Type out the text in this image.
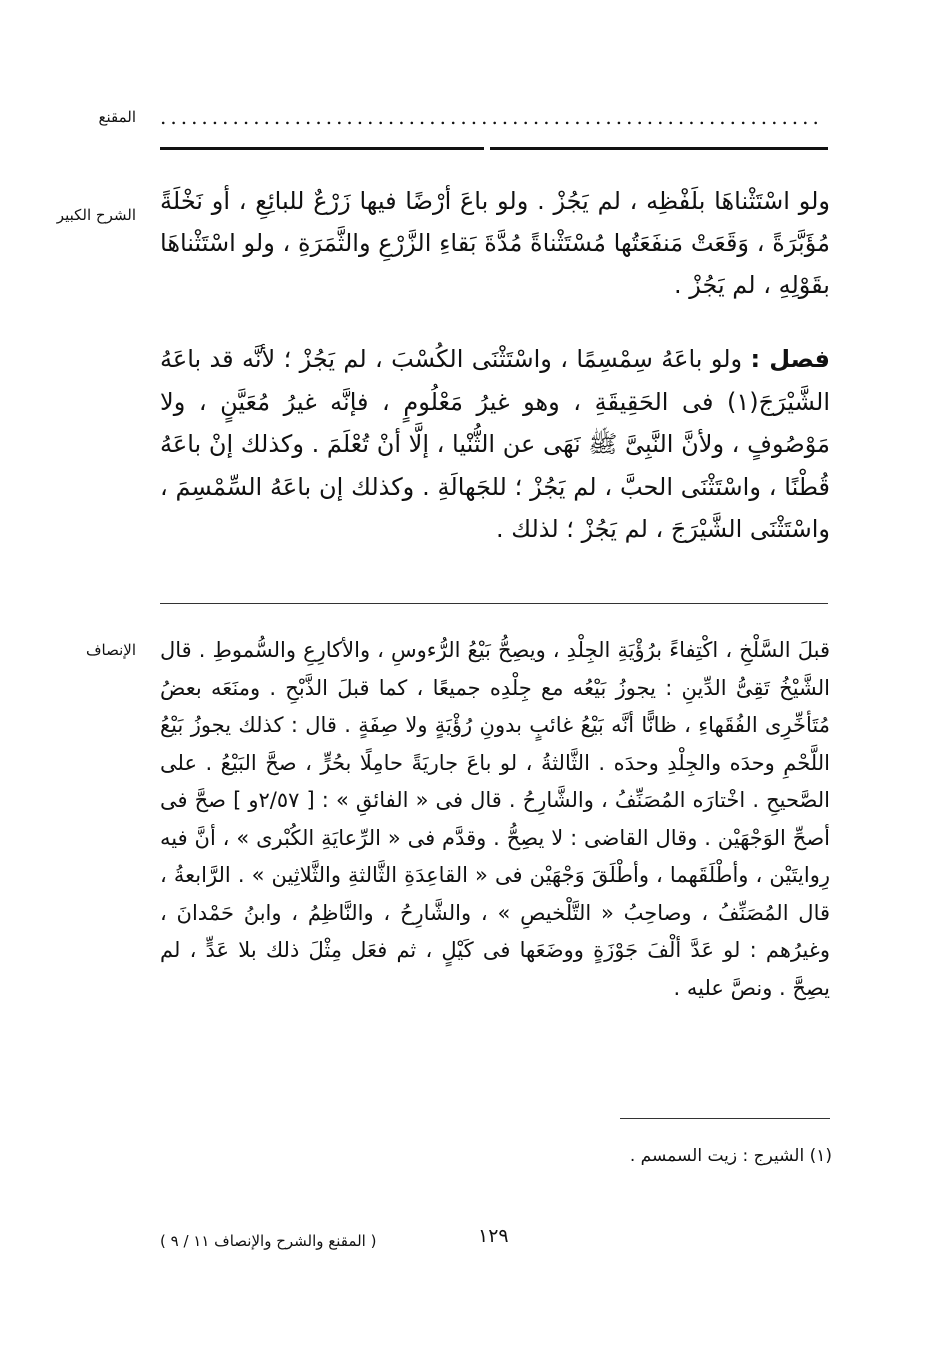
المقنع ................................................................
الشرح الكبير ولو اسْتَثْناهَا بلَفْظِه ، لم يَجُزْ . ولو باعَ أرْضًا فيها زَرْعٌ للبائِعِ ، أو نَخْلَةً مُؤَبَّرَةً ، وَقَعَتْ مَنفَعَتُها مُسْتَثْناةً مُدَّةَ بَقاءِ الزَّرْعِ والثَّمَرَةِ ، ولو اسْتَثْناهَا بقَوْلِهِ ، لم يَجُزْ .

فصل : ولو باعَهُ سِمْسِمًا ، واسْتَثْنَى الكُسْبَ ، لم يَجُزْ ؛ لأنَّه قد باعَهُ الشَّيْرَجَ(١) فى الحَقِيقَةِ ، وهو غيرُ مَعْلُومٍ ، فإنَّه غيرُ مُعَيَّنٍ ، ولا مَوْصُوفٍ ، ولأنَّ النَّبِىَّ ﷺ نَهَى عن الثُّنْيا ، إلَّا أنْ تُعْلَمَ . وكذلك إنْ باعَهُ قُطْنًا ، واسْتَثْنَى الحبَّ ، لم يَجُزْ ؛ للجَهالَةِ . وكذلك إن باعَهُ السِّمْسِمَ ، واسْتَثْنَى الشَّيْرَجَ ، لم يَجُزْ ؛ لذلك .

الإنصاف قبلَ السَّلْخِ ، اكْتِفاءً برُؤْيَةِ الجِلْدِ ، ويصِحُّ بَيْعُ الرُّءوسِ ، والأكارِعِ والسُّموطِ . قال الشَّيْخُ تَقِىُّ الدِّينِ : يجوزُ بَيْعُه مع جِلْدِه جميعًا ، كما قبلَ الذَّبْحِ . ومنَعَه بعضُ مُتَأخِّرِى الفُقَهاءِ ، ظانًّا أنَّه بَيْعُ غائبٍ بدونِ رُؤْيَةٍ ولا صِفَةٍ . قال : كذلك يجوزُ بَيْعُ اللَّحْمِ وحدَه والجِلْدِ وحدَه . الثَّالثةُ ، لو باعَ جاريَةً حامِلًا بحُرٍّ ، صحَّ البَيْعُ . على الصَّحيحِ . اخْتارَه المُصَنِّفُ ، والشَّارِحُ . قال فى « الفائقِ » : [ ٢/٥٧و ] صحَّ فى أصحِّ الوَجْهَيْن . وقال القاضى : لا يصِحُّ . وقدَّم فى « الرِّعايَةِ الكُبْرى » ، أنَّ فيه رِوايتَيْن ، وأطْلَقَهما ، وأطْلَقَ وَجْهَيْن فى « القاعِدَةِ الثَّالثةِ والثَّلاثِين » . الرَّابعةُ ، قال المُصَنِّفُ ، وصاحِبُ « التَّلْخيصِ » ، والشَّارِحُ ، والنَّاظِمُ ، وابنُ حَمْدانَ ، وغيرُهم : لو عَدَّ ألْفَ جَوْزَةٍ ووضَعَها فى كَيْلٍ ، ثم فعَل مِثْلَ ذلك بلا عَدٍّ ، لم يصِحَّ . ونصَّ عليه .

(١) الشيرج : زيت السمسم .
١٢٩
( المقنع والشرح والإنصاف ١١ / ٩ )
